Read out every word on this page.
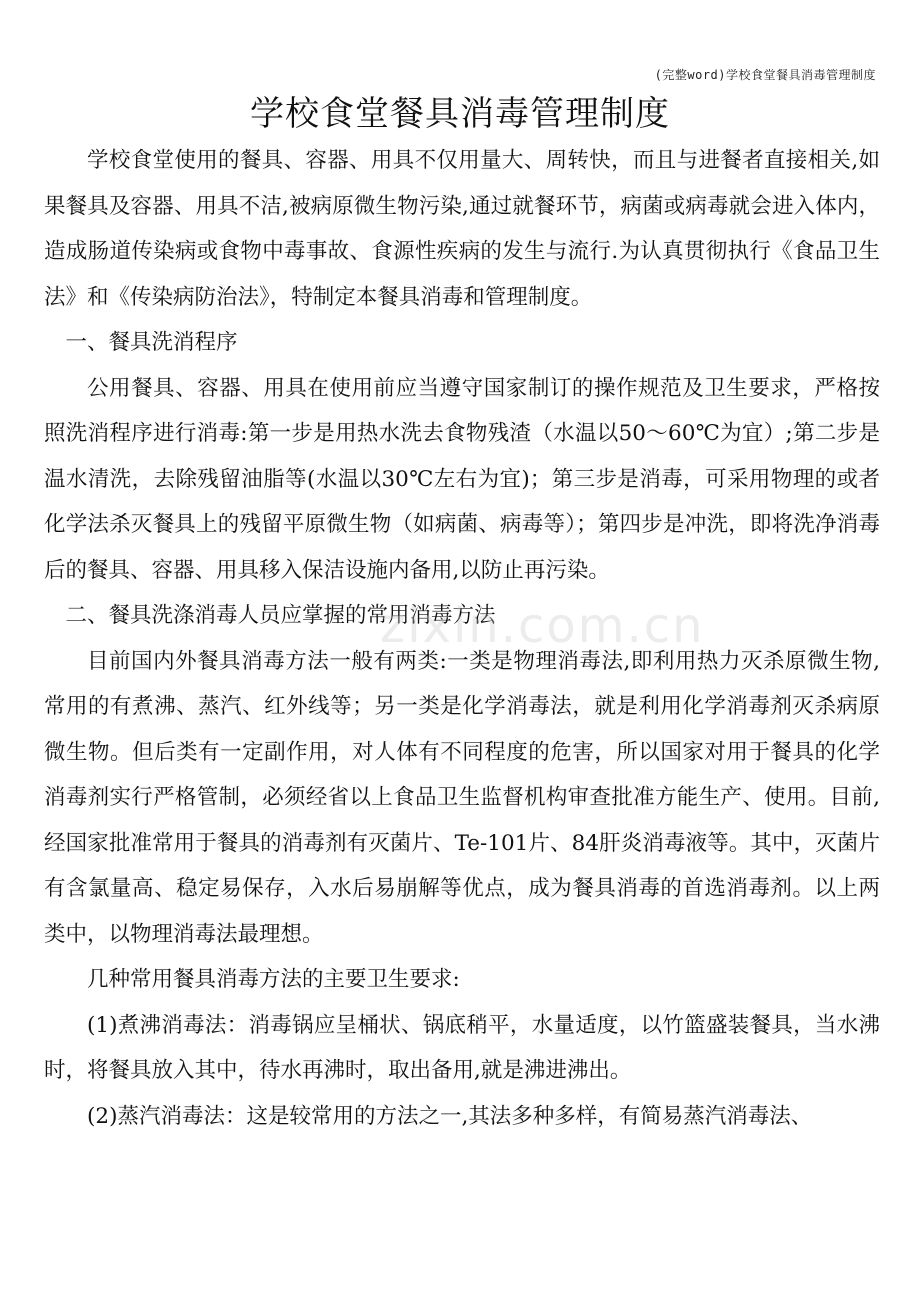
(完整word)学校食堂餐具消毒管理制度
学校食堂餐具消毒管理制度

学校食堂使用的餐具、容器、用具不仅用量大、周转快，而且与进餐者直接相关,如果餐具及容器、用具不洁,被病原微生物污染,通过就餐环节，病菌或病毒就会进入体内，造成肠道传染病或食物中毒事故、食源性疾病的发生与流行.为认真贯彻执行《食品卫生法》和《传染病防治法》，特制定本餐具消毒和管理制度。

一、餐具洗消程序

公用餐具、容器、用具在使用前应当遵守国家制订的操作规范及卫生要求，严格按照洗消程序进行消毒:第一步是用热水洗去食物残渣（水温以50～60℃为宜）;第二步是温水清洗，去除残留油脂等(水温以30℃左右为宜)；第三步是消毒，可采用物理的或者化学法杀灭餐具上的残留平原微生物（如病菌、病毒等）；第四步是冲洗，即将洗净消毒后的餐具、容器、用具移入保洁设施内备用,以防止再污染。

二、餐具洗涤消毒人员应掌握的常用消毒方法

目前国内外餐具消毒方法一般有两类:一类是物理消毒法,即利用热力灭杀原微生物,常用的有煮沸、蒸汽、红外线等；另一类是化学消毒法，就是利用化学消毒剂灭杀病原微生物。但后类有一定副作用，对人体有不同程度的危害，所以国家对用于餐具的化学消毒剂实行严格管制，必须经省以上食品卫生监督机构审查批准方能生产、使用。目前,经国家批准常用于餐具的消毒剂有灭菌片、Te-101片、84肝炎消毒液等。其中，灭菌片有含氯量高、稳定易保存，入水后易崩解等优点，成为餐具消毒的首选消毒剂。以上两类中，以物理消毒法最理想。

几种常用餐具消毒方法的主要卫生要求:

(1)煮沸消毒法：消毒锅应呈桶状、锅底稍平，水量适度，以竹篮盛装餐具，当水沸时，将餐具放入其中，待水再沸时，取出备用,就是沸进沸出。

(2)蒸汽消毒法：这是较常用的方法之一,其法多种多样，有简易蒸汽消毒法、

zixin.com.cn
